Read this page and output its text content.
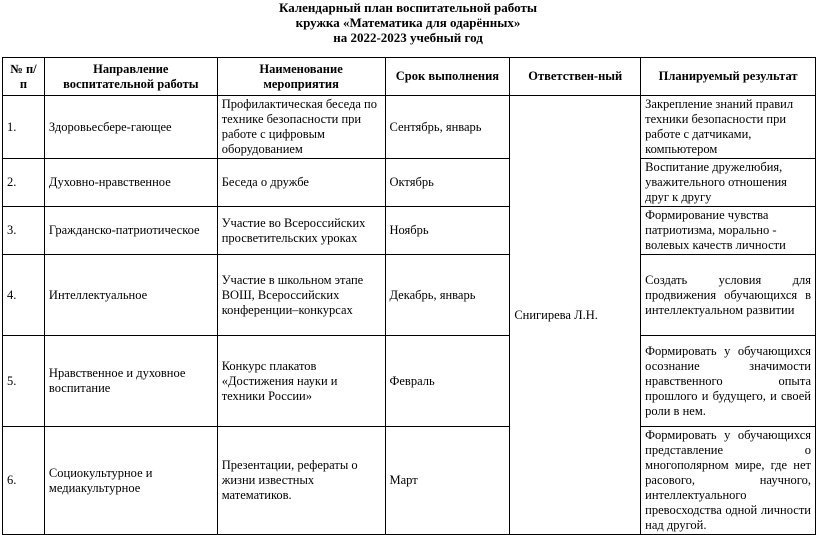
Календарный план воспитательной работы
кружка «Математика для одарённых»
на 2022-2023 учебный год
№ п/п	Направление воспитательной работы	Наименование мероприятия	Срок выполнения	Ответствен-ный	Планируемый результат
1.	Здоровьесбере-гающее	Профилактическая беседа по технике безопасности при работе с цифровым оборудованием	Сентябрь, январь	Снигирева Л.Н.	Закрепление знаний правил техники безопасности при работе с датчиками, компьютером
2.	Духовно-нравственное	Беседа о дружбе	Октябрь		Воспитание дружелюбия, уважительного отношения друг к другу
3.	Гражданско-патриотическое	Участие во Всероссийских просветительских уроках	Ноябрь		Формирование чувства патриотизма, морально - волевых качеств личности
4.	Интеллектуальное	Участие в школьном этапе ВОШ, Всероссийских конференции–конкурсах	Декабрь, январь		Создать условия для продвижения обучающихся в интеллектуальном развитии
5.	Нравственное и духовное воспитание	Конкурс плакатов «Достижения науки и техники России»	Февраль		Формировать у обучающихся осознание значимости нравственного опыта прошлого и будущего, и своей роли в нем.
6.	Социокультурное и медиакультурное	Презентации, рефераты о жизни известных математиков.	Март		Формировать у обучающихся представление о многополярном мире, где нет расового, научного, интеллектуального превосходства одной личности над другой.
